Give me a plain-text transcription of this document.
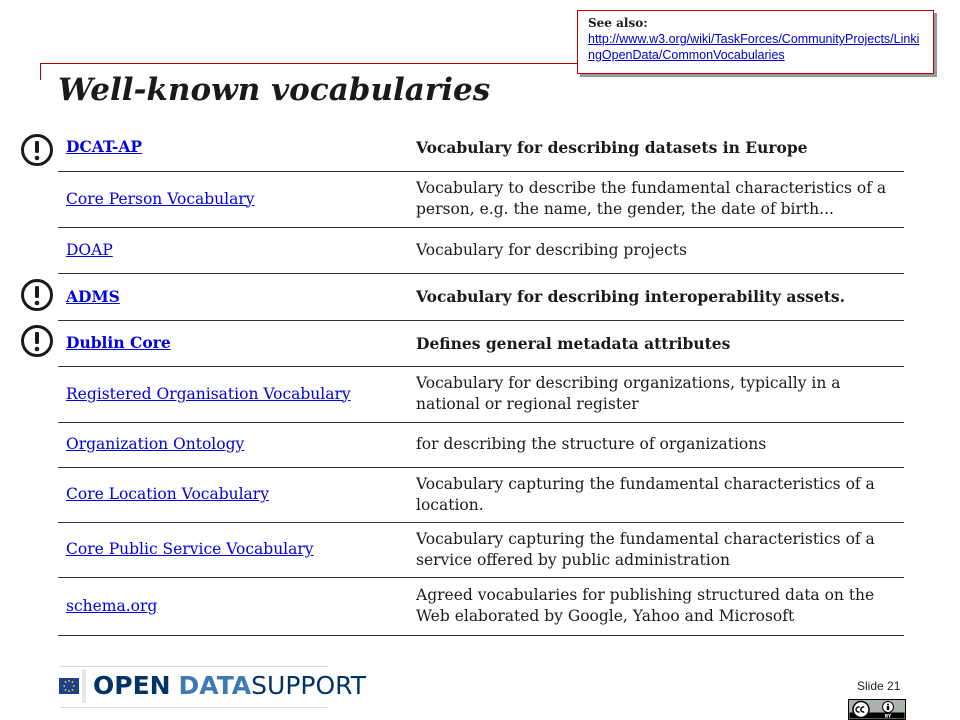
Well-known vocabularies
See also:
http://www.w3.org/wiki/TaskForces/CommunityProjects/LinkingOpenData/CommonVocabularies
DCAT-AP	Vocabulary for describing datasets in Europe
Core Person Vocabulary	Vocabulary to describe the fundamental characteristics of a person, e.g. the name, the gender, the date of birth...
DOAP	Vocabulary for describing projects
ADMS	Vocabulary for describing interoperability assets.
Dublin Core	Defines general metadata attributes
Registered Organisation Vocabulary	Vocabulary for describing organizations, typically in a national or regional register
Organization Ontology	for describing the structure of organizations
Core Location Vocabulary	Vocabulary capturing the fundamental characteristics of a location.
Core Public Service Vocabulary	Vocabulary capturing the fundamental characteristics of a service offered by public administration
schema.org	Agreed vocabularies for publishing structured data on the Web elaborated by Google, Yahoo and Microsoft
OPEN DATASUPPORT	Slide 21
BY
